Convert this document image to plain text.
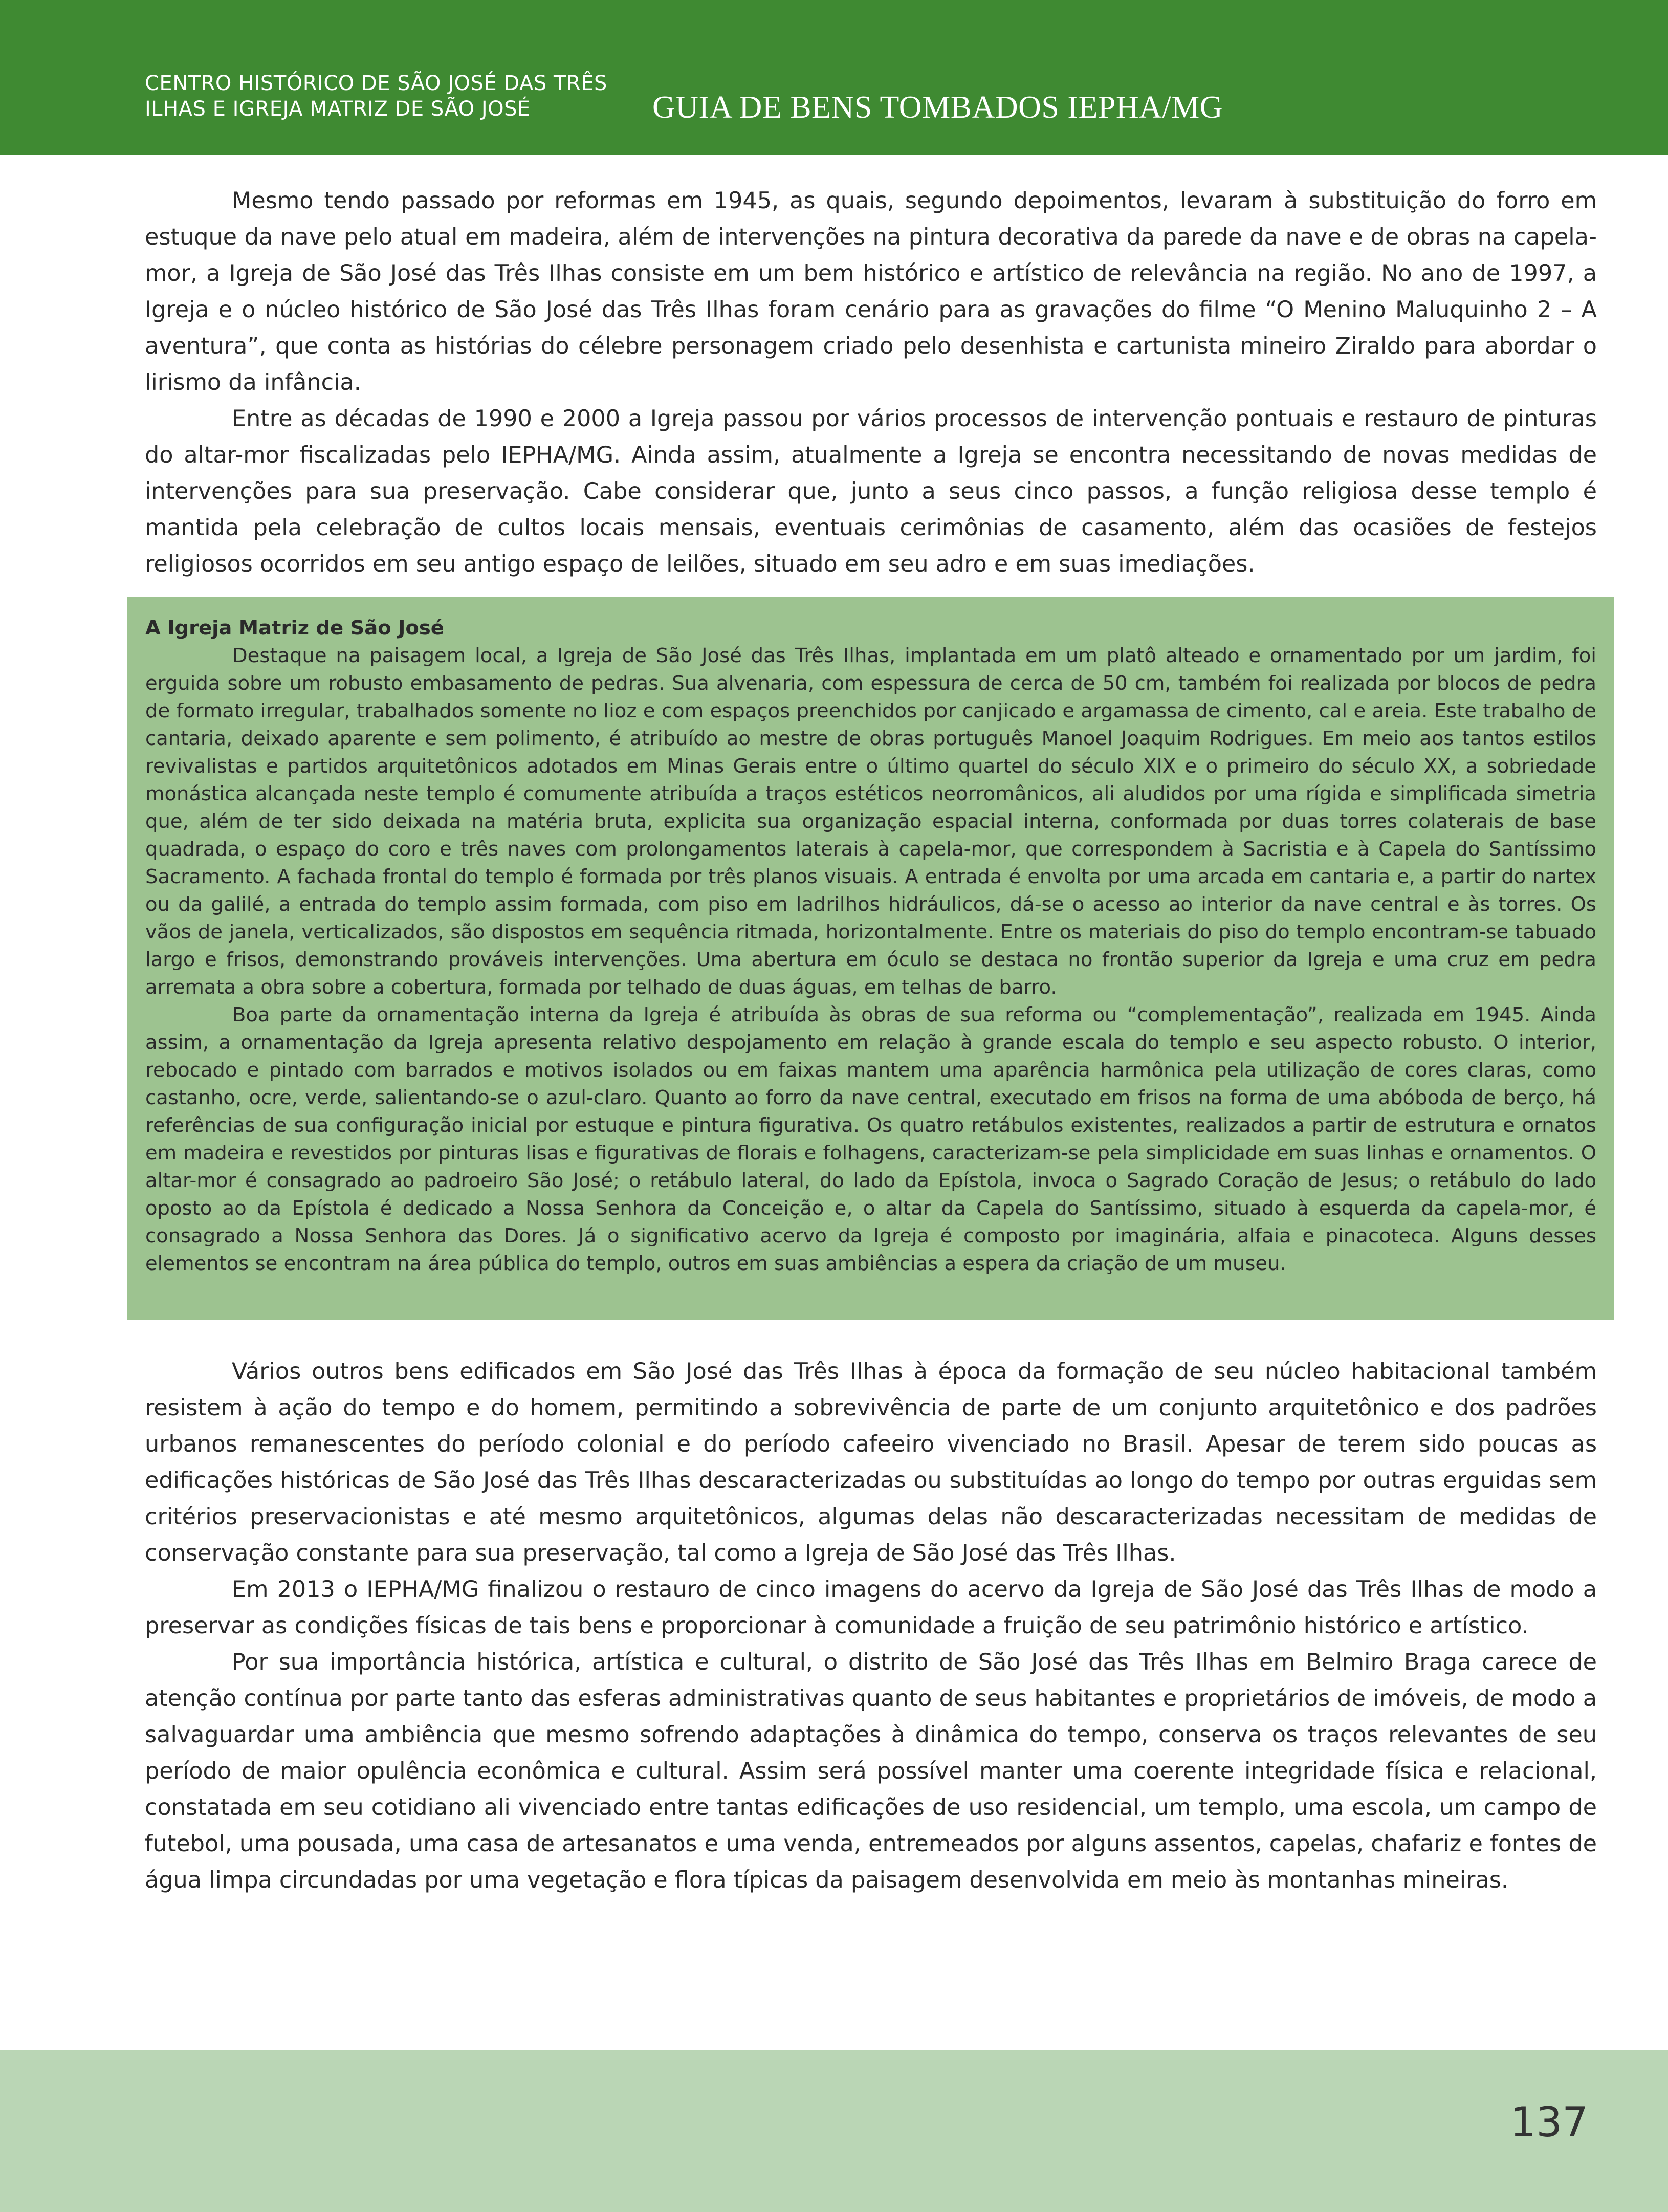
CENTRO HISTÓRICO DE SÃO JOSÉ DAS TRÊS
ILHAS E IGREJA MATRIZ DE SÃO JOSÉ	GUIA DE BENS TOMBADOS IEPHA/MG

Mesmo tendo passado por reformas em 1945, as quais, segundo depoimentos, levaram à substituição do forro em estuque da nave pelo atual em madeira, além de intervenções na pintura decorativa da parede da nave e de obras na capela-mor, a Igreja de São José das Três Ilhas consiste em um bem histórico e artístico de relevância na região. No ano de 1997, a Igreja e o núcleo histórico de São José das Três Ilhas foram cenário para as gravações do filme “O Menino Maluquinho 2 – A aventura”, que conta as histórias do célebre personagem criado pelo desenhista e cartunista mineiro Ziraldo para abordar o lirismo da infância.

Entre as décadas de 1990 e 2000 a Igreja passou por vários processos de intervenção pontuais e restauro de pinturas do altar-mor fiscalizadas pelo IEPHA/MG. Ainda assim, atualmente a Igreja se encontra necessitando de novas medidas de intervenções para sua preservação. Cabe considerar que, junto a seus cinco passos, a função religiosa desse templo é mantida pela celebração de cultos locais mensais, eventuais cerimônias de casamento, além das ocasiões de festejos religiosos ocorridos em seu antigo espaço de leilões, situado em seu adro e em suas imediações.

A Igreja Matriz de São José

Destaque na paisagem local, a Igreja de São José das Três Ilhas, implantada em um platô alteado e ornamentado por um jardim, foi erguida sobre um robusto embasamento de pedras. Sua alvenaria, com espessura de cerca de 50 cm, também foi realizada por blocos de pedra de formato irregular, trabalhados somente no lioz e com espaços preenchidos por canjicado e argamassa de cimento, cal e areia. Este trabalho de cantaria, deixado aparente e sem polimento, é atribuído ao mestre de obras português Manoel Joaquim Rodrigues. Em meio aos tantos estilos revivalistas e partidos arquitetônicos adotados em Minas Gerais entre o último quartel do século XIX e o primeiro do século XX, a sobriedade monástica alcançada neste templo é comumente atribuída a traços estéticos neorromânicos, ali aludidos por uma rígida e simplificada simetria que, além de ter sido deixada na matéria bruta, explicita sua organização espacial interna, conformada por duas torres colaterais de base quadrada, o espaço do coro e três naves com prolongamentos laterais à capela-mor, que correspondem à Sacristia e à Capela do Santíssimo Sacramento. A fachada frontal do templo é formada por três planos visuais. A entrada é envolta por uma arcada em cantaria e, a partir do nartex ou da galilé, a entrada do templo assim formada, com piso em ladrilhos hidráulicos, dá-se o acesso ao interior da nave central e às torres. Os vãos de janela, verticalizados, são dispostos em sequência ritmada, horizontalmente. Entre os materiais do piso do templo encontram-se tabuado largo e frisos, demonstrando prováveis intervenções. Uma abertura em óculo se destaca no frontão superior da Igreja e uma cruz em pedra arremata a obra sobre a cobertura, formada por telhado de duas águas, em telhas de barro.

Boa parte da ornamentação interna da Igreja é atribuída às obras de sua reforma ou “complementação”, realizada em 1945. Ainda assim, a ornamentação da Igreja apresenta relativo despojamento em relação à grande escala do templo e seu aspecto robusto. O interior, rebocado e pintado com barrados e motivos isolados ou em faixas mantem uma aparência harmônica pela utilização de cores claras, como castanho, ocre, verde, salientando-se o azul-claro. Quanto ao forro da nave central, executado em frisos na forma de uma abóboda de berço, há referências de sua configuração inicial por estuque e pintura figurativa. Os quatro retábulos existentes, realizados a partir de estrutura e ornatos em madeira e revestidos por pinturas lisas e figurativas de florais e folhagens, caracterizam-se pela simplicidade em suas linhas e ornamentos. O altar-mor é consagrado ao padroeiro São José; o retábulo lateral, do lado da Epístola, invoca o Sagrado Coração de Jesus; o retábulo do lado oposto ao da Epístola é dedicado a Nossa Senhora da Conceição e, o altar da Capela do Santíssimo, situado à esquerda da capela-mor, é consagrado a Nossa Senhora das Dores. Já o significativo acervo da Igreja é composto por imaginária, alfaia e pinacoteca. Alguns desses elementos se encontram na área pública do templo, outros em suas ambiências a espera da criação de um museu.

Vários outros bens edificados em São José das Três Ilhas à época da formação de seu núcleo habitacional também resistem à ação do tempo e do homem, permitindo a sobrevivência de parte de um conjunto arquitetônico e dos padrões urbanos remanescentes do período colonial e do período cafeeiro vivenciado no Brasil. Apesar de terem sido poucas as edificações históricas de São José das Três Ilhas descaracterizadas ou substituídas ao longo do tempo por outras erguidas sem critérios preservacionistas e até mesmo arquitetônicos, algumas delas não descaracterizadas necessitam de medidas de conservação constante para sua preservação, tal como a Igreja de São José das Três Ilhas.

Em 2013 o IEPHA/MG finalizou o restauro de cinco imagens do acervo da Igreja de São José das Três Ilhas de modo a preservar as condições físicas de tais bens e proporcionar à comunidade a fruição de seu patrimônio histórico e artístico.

Por sua importância histórica, artística e cultural, o distrito de São José das Três Ilhas em Belmiro Braga carece de atenção contínua por parte tanto das esferas administrativas quanto de seus habitantes e proprietários de imóveis, de modo a salvaguardar uma ambiência que mesmo sofrendo adaptações à dinâmica do tempo, conserva os traços relevantes de seu período de maior opulência econômica e cultural. Assim será possível manter uma coerente integridade física e relacional, constatada em seu cotidiano ali vivenciado entre tantas edificações de uso residencial, um templo, uma escola, um campo de futebol, uma pousada, uma casa de artesanatos e uma venda, entremeados por alguns assentos, capelas, chafariz e fontes de água limpa circundadas por uma vegetação e flora típicas da paisagem desenvolvida em meio às montanhas mineiras.

137
